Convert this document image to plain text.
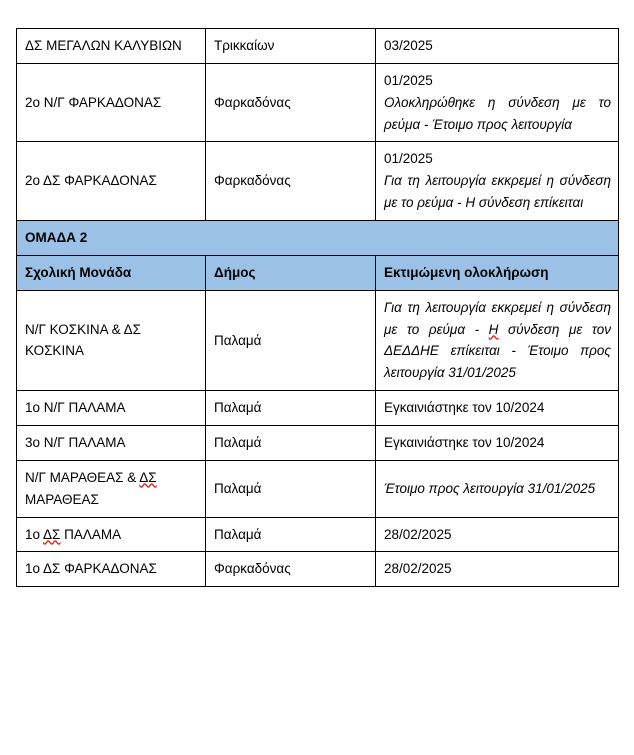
ΔΣ ΜΕΓΑΛΩΝ ΚΑΛΥΒΙΩΝ	Τρικκαίων	03/2025

2ο Ν/Γ ΦΑΡΚΑΔΟΝΑΣ	Φαρκαδόνας	01/2025
Ολοκληρώθηκε η σύνδεση με το ρεύμα - Έτοιμο προς λειτουργία

2ο ΔΣ ΦΑΡΚΑΔΟΝΑΣ	Φαρκαδόνας	01/2025
Για τη λειτουργία εκκρεμεί η σύνδεση με το ρεύμα - Η σύνδεση επίκειται

ΟΜΑΔΑ 2		
Σχολική Μονάδα	Δήμος	Εκτιμώμενη ολοκλήρωση

Ν/Γ ΚΟΣΚΙΝΑ & ΔΣ
ΚΟΣΚΙΝΑ	Παλαμά	Για τη λειτουργία εκκρεμεί η σύνδεση με το ρεύμα - Η σύνδεση με τον ΔΕΔΔΗΕ επίκειται - Έτοιμο προς λειτουργία 31/01/2025
1ο Ν/Γ ΠΑΛΑΜΑ	Παλαμά	Εγκαινιάστηκε τον 10/2024
3ο Ν/Γ ΠΑΛΑΜΑ	Παλαμά	Εγκαινιάστηκε τον 10/2024

Ν/Γ ΜΑΡΑΘΕΑΣ & ΔΣ
ΜΑΡΑΘΕΑΣ	Παλαμά	Έτοιμο προς λειτουργία 31/01/2025
1ο ΔΣ ΠΑΛΑΜΑ	Παλαμά	28/02/2025
1ο ΔΣ ΦΑΡΚΑΔΟΝΑΣ	Φαρκαδόνας	28/02/2025
